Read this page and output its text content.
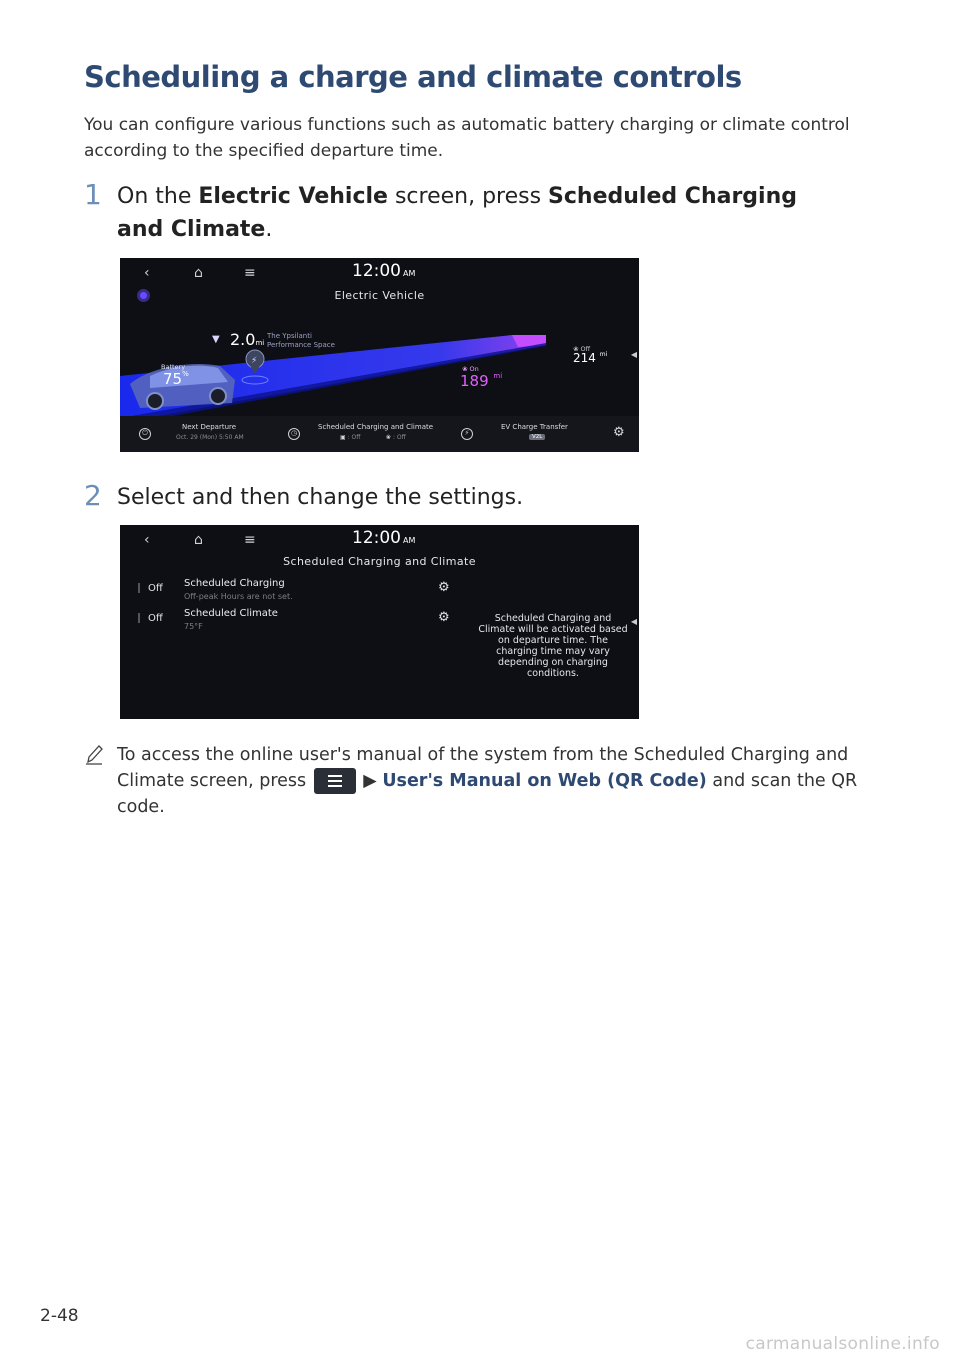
Scheduling a charge and climate controls
You can configure various functions such as automatic battery charging or climate control according to the specified departure time.
1 On the Electric Vehicle screen, press Scheduled Charging and Climate.
⚡
‹	⌂	≡	12:00 AM
Electric Vehicle
▼ 2.0mi
The Ypsilanti
Performance Space
Battery
75%
❀ On
189 $^{mi}$
❀ Off
214 $^{mi}$	◀
⏻
Next Departure
Oct. 29 (Mon) 5:50 AM
◷
Scheduled Charging and Climate
▣ : Off	❀ : Off
⚡
EV Charge Transfer
V2L	⚙
2 Select and then change the settings.
‹	⌂	≡	12:00 AM
Scheduled Charging and Climate
Off Scheduled Charging
Off-peak Hours are not set.
⚙
Off Scheduled Climate
75°F
⚙	Scheduled Charging and Climate will be activated based on departure time. The charging time may vary depending on charging conditions.
◀
To access the online user's manual of the system from the Scheduled Charging and Climate screen, press	▶ User's Manual on Web (QR Code) and scan the QR code.
2-48
carmanualsonline.info
